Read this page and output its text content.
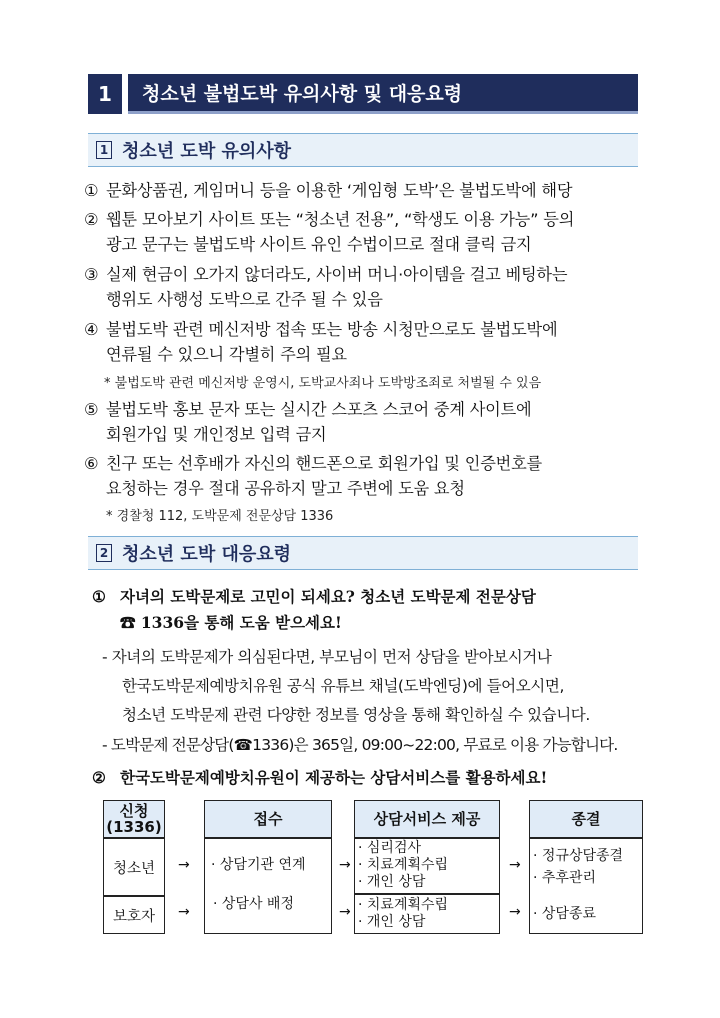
1	청소년 불법도박 유의사항 및 대응요령
1 청소년 도박 유의사항
① 문화상품권, 게임머니 등을 이용한 ‘게임형 도박’은 불법도박에 해당
② 웹툰 모아보기 사이트 또는 “청소년 전용”, “학생도 이용 가능” 등의
광고 문구는 불법도박 사이트 유인 수법이므로 절대 클릭 금지
③ 실제 현금이 오가지 않더라도, 사이버 머니·아이템을 걸고 베팅하는
행위도 사행성 도박으로 간주 될 수 있음
④ 불법도박 관련 메신저방 접속 또는 방송 시청만으로도 불법도박에
연류될 수 있으니 각별히 주의 필요
* 불법도박 관련 메신저방 운영시, 도박교사죄나 도박방조죄로 처벌될 수 있음
⑤ 불법도박 홍보 문자 또는 실시간 스포츠 스코어 중계 사이트에
회원가입 및 개인정보 입력 금지
⑥ 친구 또는 선후배가 자신의 핸드폰으로 회원가입 및 인증번호를
요청하는 경우 절대 공유하지 말고 주변에 도움 요청
* 경찰청 112, 도박문제 전문상담 1336
2 청소년 도박 대응요령
① 자녀의 도박문제로 고민이 되세요? 청소년 도박문제 전문상담
☎ 1336을 통해 도움 받으세요!
- 자녀의 도박문제가 의심된다면, 부모님이 먼저 상담을 받아보시거나
한국도박문제예방치유원 공식 유튜브 채널(도박엔딩)에 들어오시면,
청소년 도박문제 관련 다양한 정보를 영상을 통해 확인하실 수 있습니다.
- 도박문제 전문상담(☎1336)은 365일, 09:00~22:00, 무료로 이용 가능합니다.
② 한국도박문제예방치유원이 제공하는 상담서비스를 활용하세요!
신청
(1336)
청소년
보호자
→
→
접수
· 상담기관 연계
· 상담사 배정
→
→
상담서비스 제공
· 심리검사
· 치료계획수립
· 개인 상담
· 치료계획수립
· 개인 상담
→
→
종결
· 정규상담종결
· 추후관리
· 상담종료
